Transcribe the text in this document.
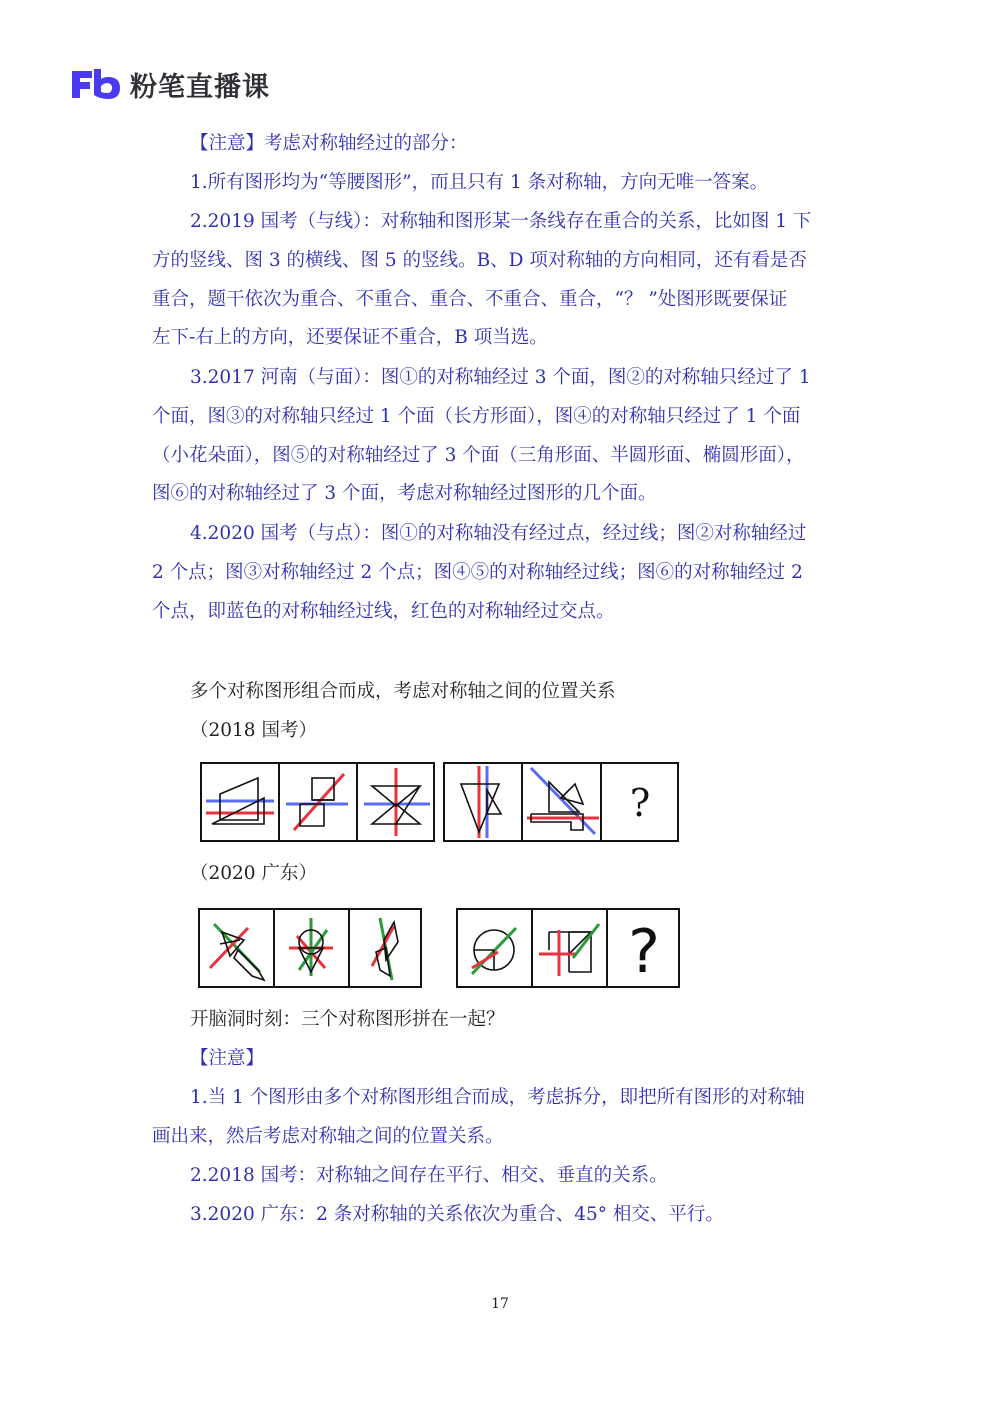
粉笔直播课
【注意】考虑对称轴经过的部分：
1.所有图形均为“等腰图形”，而且只有 1 条对称轴，方向无唯一答案。
2.2019 国考（与线）：对称轴和图形某一条线存在重合的关系，比如图 1 下
方的竖线、图 3 的横线、图 5 的竖线。B、D 项对称轴的方向相同，还有看是否
重合，题干依次为重合、不重合、重合、不重合、重合，“？ ”处图形既要保证
左下-右上的方向，还要保证不重合，B 项当选。
3.2017 河南（与面）：图①的对称轴经过 3 个面，图②的对称轴只经过了 1
个面，图③的对称轴只经过 1 个面（长方形面），图④的对称轴只经过了 1 个面
（小花朵面），图⑤的对称轴经过了 3 个面（三角形面、半圆形面、椭圆形面），
图⑥的对称轴经过了 3 个面，考虑对称轴经过图形的几个面。
4.2020 国考（与点）：图①的对称轴没有经过点，经过线；图②对称轴经过
2 个点；图③对称轴经过 2 个点；图④⑤的对称轴经过线；图⑥的对称轴经过 2
个点，即蓝色的对称轴经过线，红色的对称轴经过交点。
多个对称图形组合而成，考虑对称轴之间的位置关系
（2018 国考）
?
（2020 广东）
?
开脑洞时刻：三个对称图形拼在一起？
【注意】
1.当 1 个图形由多个对称图形组合而成，考虑拆分，即把所有图形的对称轴
画出来，然后考虑对称轴之间的位置关系。
2.2018 国考：对称轴之间存在平行、相交、垂直的关系。
3.2020 广东：2 条对称轴的关系依次为重合、45° 相交、平行。
17
